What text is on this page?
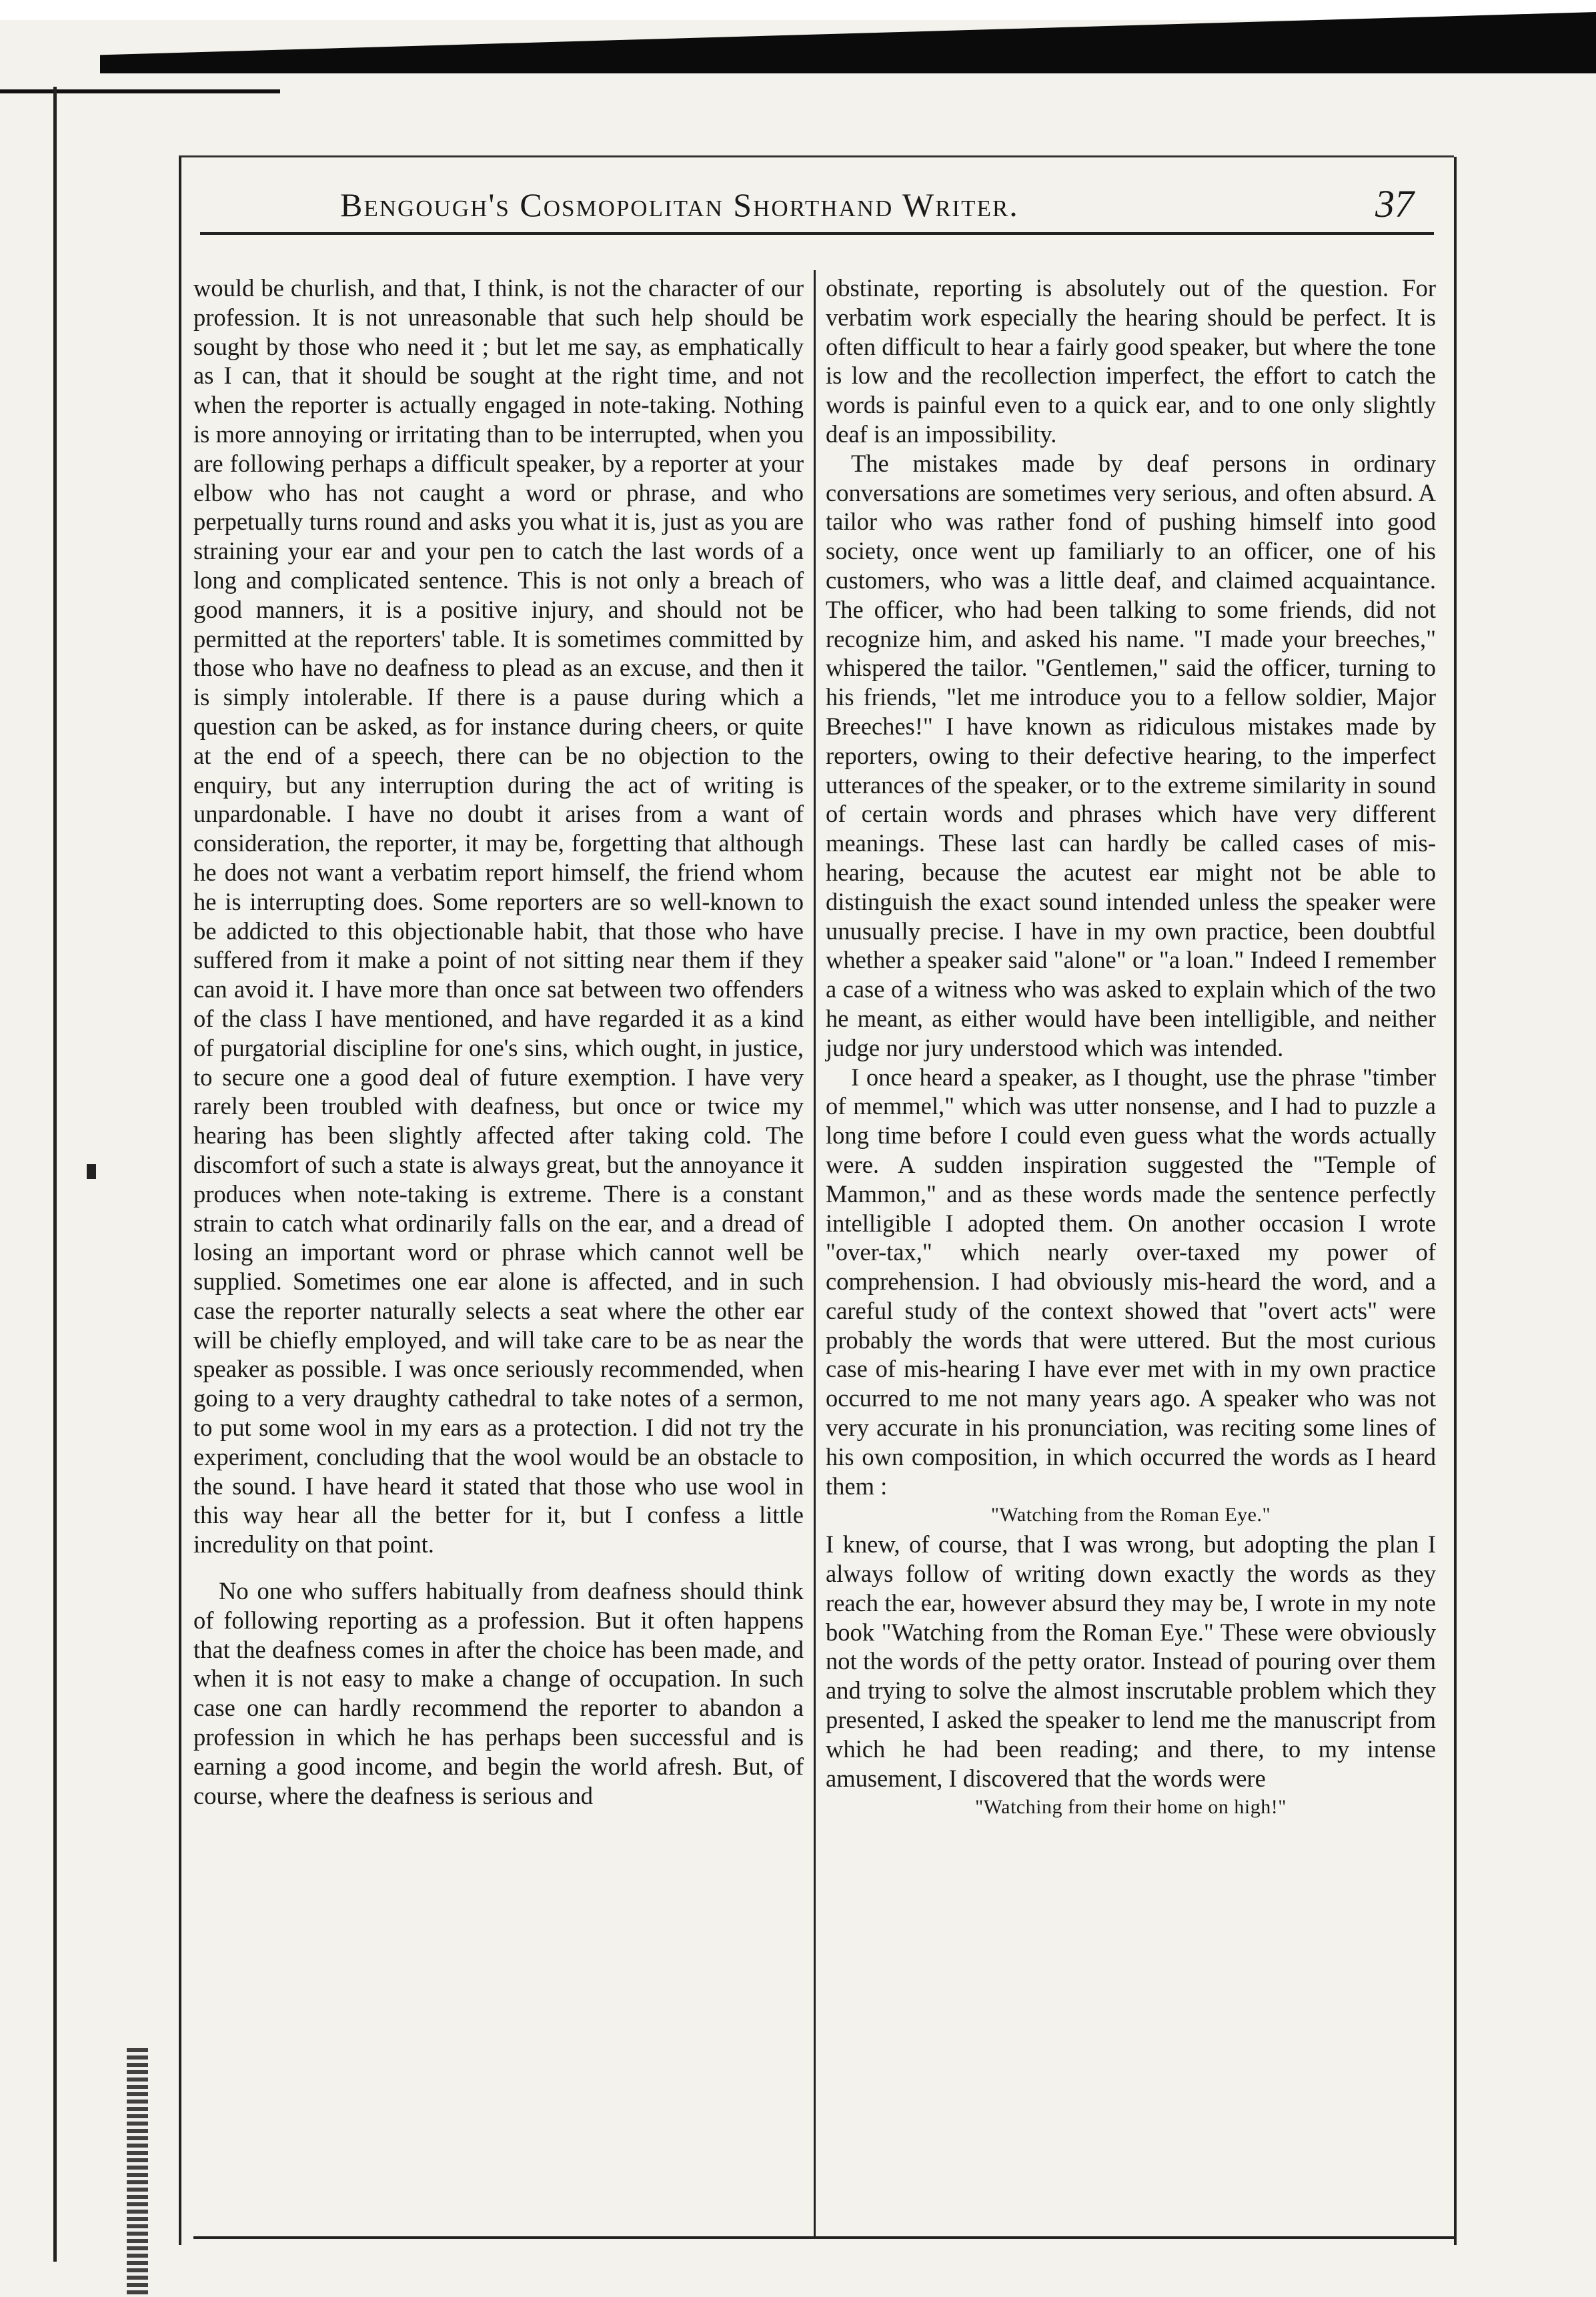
Bengough's Cosmopolitan Shorthand Writer.	37

would be churlish, and that, I think, is not the character of our profession. It is not unreasonable that such help should be sought by those who need it ; but let me say, as emphatically as I can, that it should be sought at the right time, and not when the reporter is actually engaged in note-taking. Nothing is more annoying or irritating than to be interrupted, when you are following perhaps a difficult speaker, by a reporter at your elbow who has not caught a word or phrase, and who perpetually turns round and asks you what it is, just as you are straining your ear and your pen to catch the last words of a long and complicated sentence. This is not only a breach of good manners, it is a positive injury, and should not be permitted at the reporters' table. It is sometimes committed by those who have no deafness to plead as an excuse, and then it is simply intolerable. If there is a pause during which a question can be asked, as for instance during cheers, or quite at the end of a speech, there can be no objection to the enquiry, but any interruption during the act of writing is unpardonable. I have no doubt it arises from a want of consideration, the reporter, it may be, forgetting that although he does not want a verbatim report himself, the friend whom he is interrupting does. Some reporters are so well-known to be addicted to this objectionable habit, that those who have suffered from it make a point of not sitting near them if they can avoid it. I have more than once sat between two offenders of the class I have mentioned, and have regarded it as a kind of purgatorial discipline for one's sins, which ought, in justice, to secure one a good deal of future exemption. I have very rarely been troubled with deafness, but once or twice my hearing has been slightly affected after taking cold. The discomfort of such a state is always great, but the annoyance it produces when note-taking is extreme. There is a constant strain to catch what ordinarily falls on the ear, and a dread of losing an important word or phrase which cannot well be supplied. Sometimes one ear alone is affected, and in such case the reporter naturally selects a seat where the other ear will be chiefly employed, and will take care to be as near the speaker as possible. I was once seriously recommended, when going to a very draughty cathedral to take notes of a sermon, to put some wool in my ears as a protection. I did not try the experiment, concluding that the wool would be an obstacle to the sound. I have heard it stated that those who use wool in this way hear all the better for it, but I confess a little incredulity on that point.

No one who suffers habitually from deafness should think of following reporting as a profession. But it often happens that the deafness comes in after the choice has been made, and when it is not easy to make a change of occupation. In such case one can hardly recommend the reporter to abandon a profession in which he has perhaps been successful and is earning a good income, and begin the world afresh. But, of course, where the deafness is serious and

obstinate, reporting is absolutely out of the question. For verbatim work especially the hearing should be perfect. It is often difficult to hear a fairly good speaker, but where the tone is low and the recollection imperfect, the effort to catch the words is painful even to a quick ear, and to one only slightly deaf is an impossibility.

The mistakes made by deaf persons in ordinary conversations are sometimes very serious, and often absurd. A tailor who was rather fond of pushing himself into good society, once went up familiarly to an officer, one of his customers, who was a little deaf, and claimed acquaintance. The officer, who had been talking to some friends, did not recognize him, and asked his name. "I made your breeches," whispered the tailor. "Gentlemen," said the officer, turning to his friends, "let me introduce you to a fellow soldier, Major Breeches!" I have known as ridiculous mistakes made by reporters, owing to their defective hearing, to the imperfect utterances of the speaker, or to the extreme similarity in sound of certain words and phrases which have very different meanings. These last can hardly be called cases of mis-hearing, because the acutest ear might not be able to distinguish the exact sound intended unless the speaker were unusually precise. I have in my own practice, been doubtful whether a speaker said "alone" or "a loan." Indeed I remember a case of a witness who was asked to explain which of the two he meant, as either would have been intelligible, and neither judge nor jury understood which was intended.

I once heard a speaker, as I thought, use the phrase "timber of memmel," which was utter nonsense, and I had to puzzle a long time before I could even guess what the words actually were. A sudden inspiration suggested the "Temple of Mammon," and as these words made the sentence perfectly intelligible I adopted them. On another occasion I wrote "over-tax," which nearly over-taxed my power of comprehension. I had obviously mis-heard the word, and a careful study of the context showed that "overt acts" were probably the words that were uttered. But the most curious case of mis-hearing I have ever met with in my own practice occurred to me not many years ago. A speaker who was not very accurate in his pronunciation, was reciting some lines of his own composition, in which occurred the words as I heard them :

"Watching from the Roman Eye."

I knew, of course, that I was wrong, but adopting the plan I always follow of writing down exactly the words as they reach the ear, however absurd they may be, I wrote in my note book "Watching from the Roman Eye." These were obviously not the words of the petty orator. Instead of pouring over them and trying to solve the almost inscrutable problem which they presented, I asked the speaker to lend me the manuscript from which he had been reading; and there, to my intense amusement, I discovered that the words were

"Watching from their home on high!"
